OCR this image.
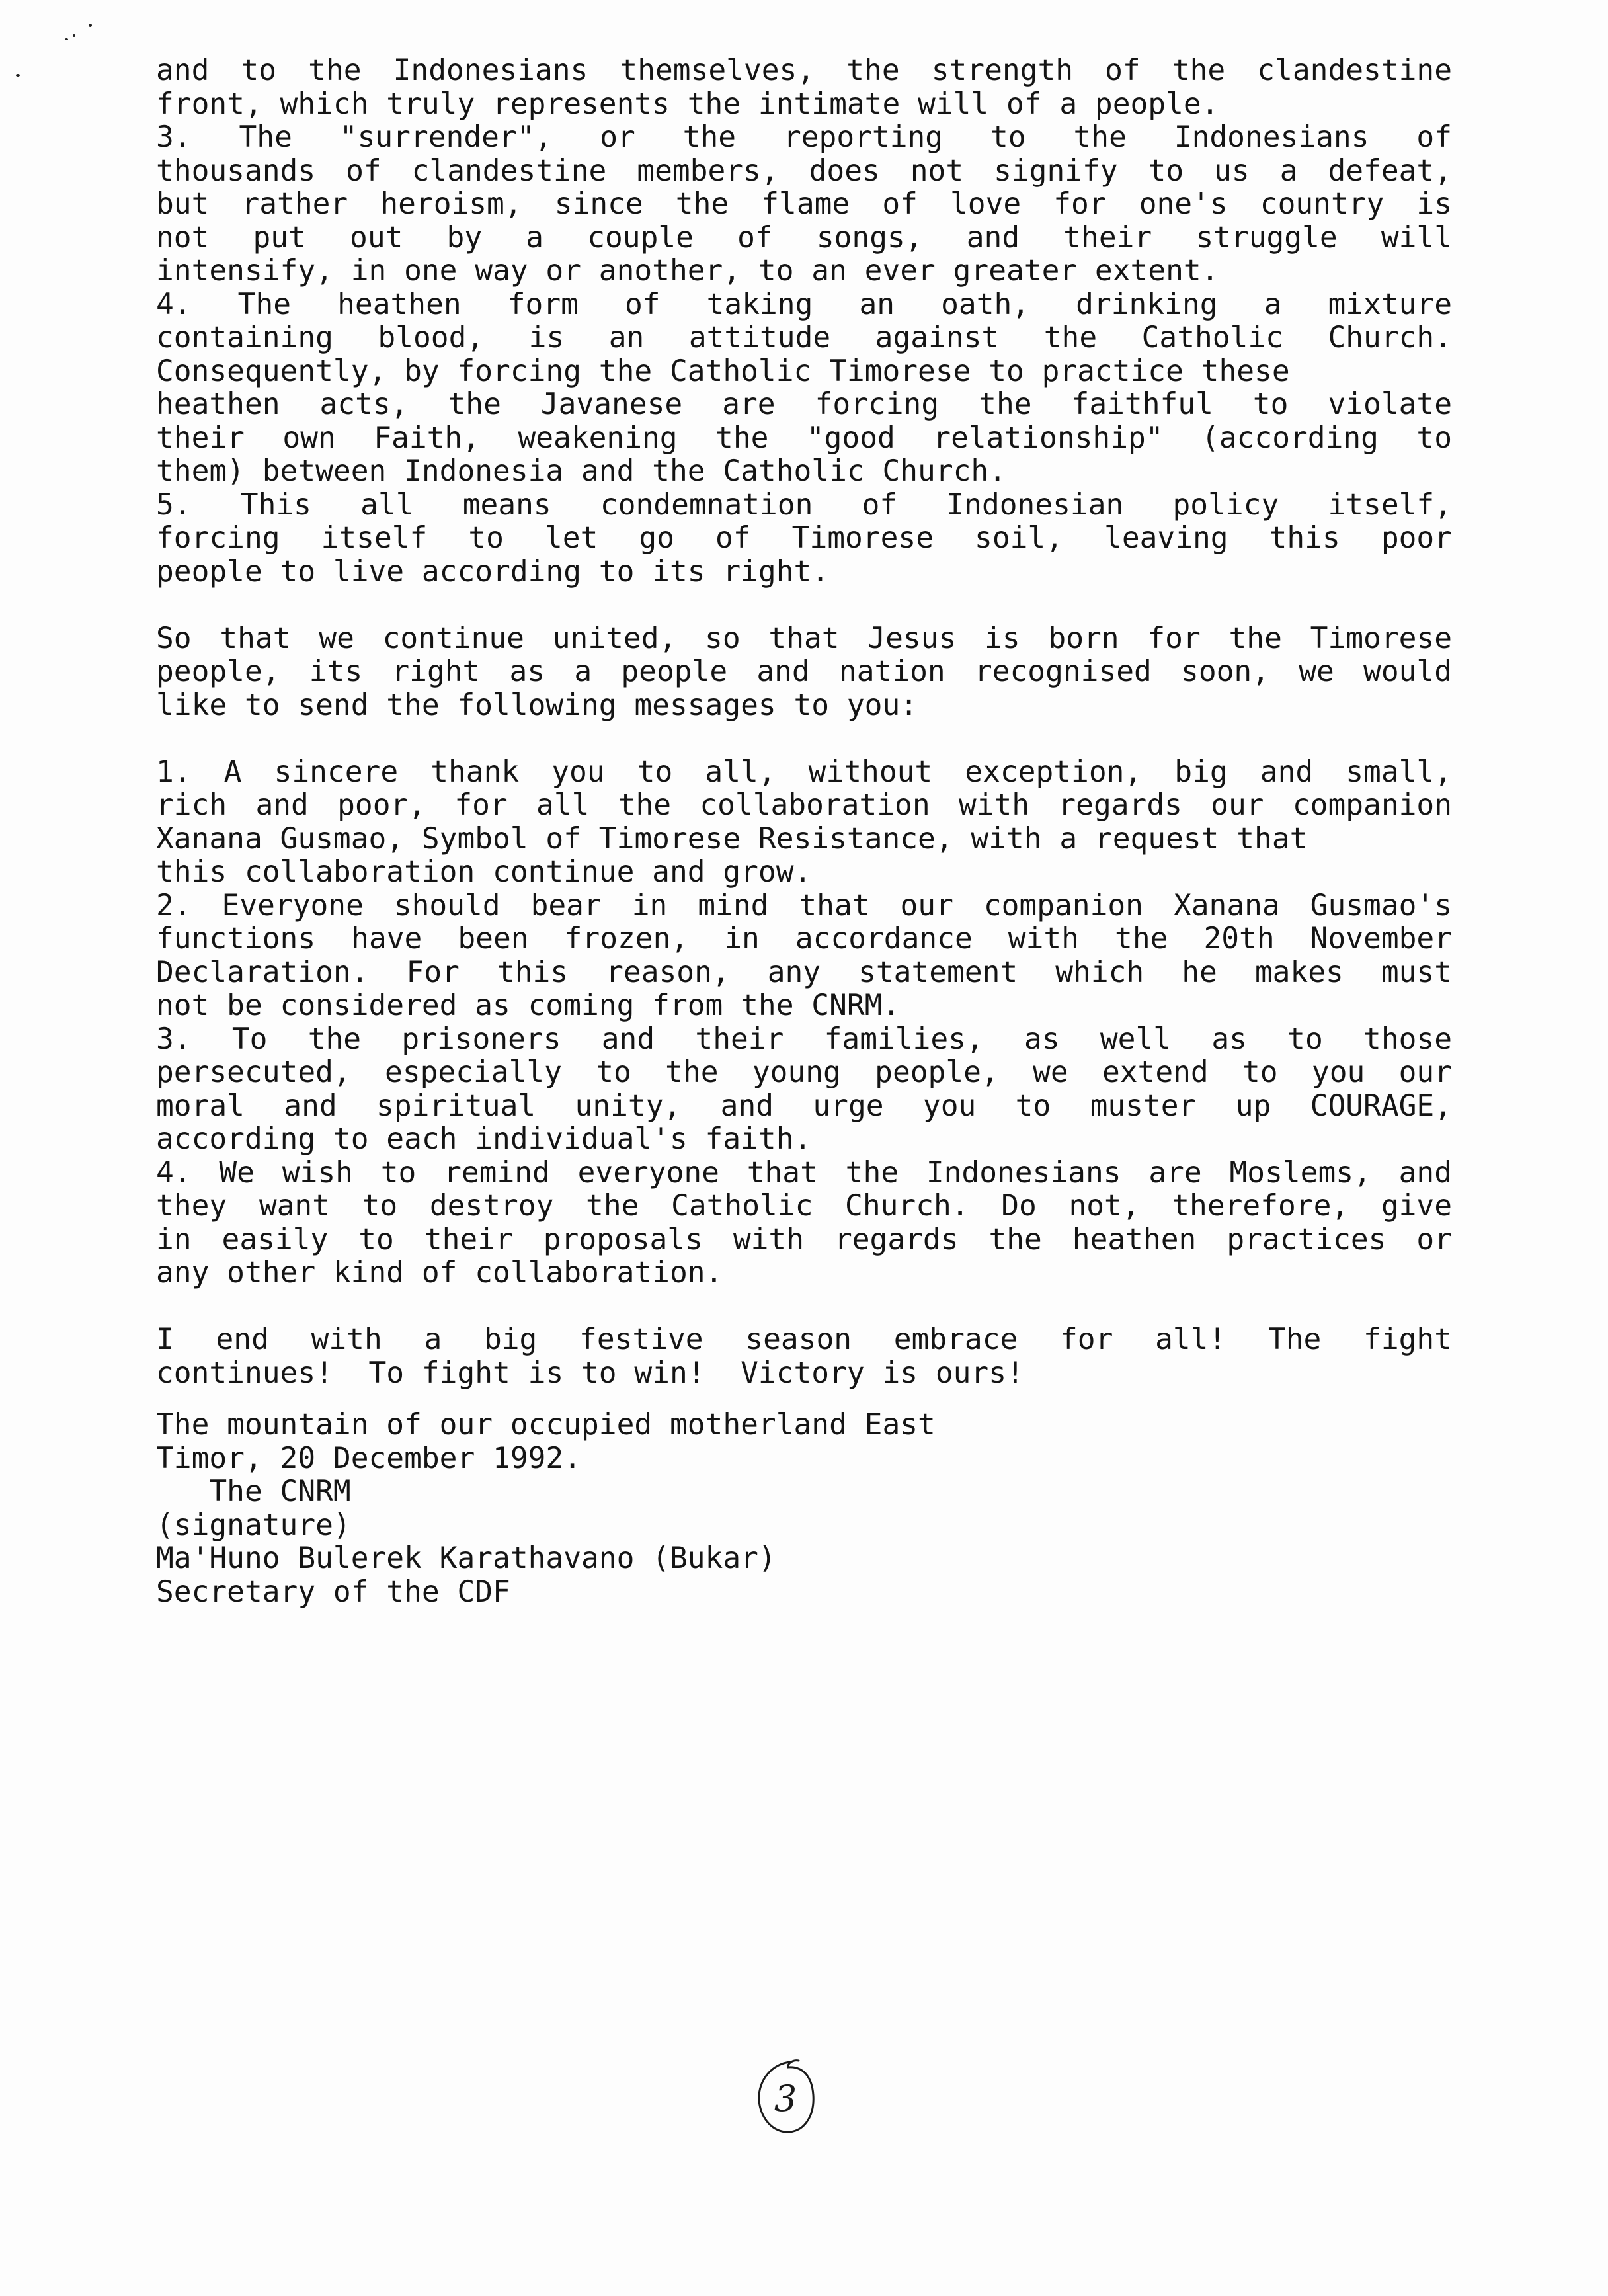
and to the Indonesians themselves, the strength of the clandestine
front, which truly represents the intimate will of a people.
3. The "surrender", or the reporting to the Indonesians of
thousands of clandestine members, does not signify to us a defeat,
but rather heroism, since the flame of love for one's country is
not put out by a couple of songs, and their struggle will
intensify, in one way or another, to an ever greater extent.
4. The heathen form of taking an oath, drinking a mixture
containing blood, is an attitude against the Catholic Church.
Consequently, by forcing the Catholic Timorese to practice these
heathen acts, the Javanese are forcing the faithful to violate
their own Faith, weakening the "good relationship" (according to
them) between Indonesia and the Catholic Church.
5. This all means condemnation of Indonesian policy itself,
forcing itself to let go of Timorese soil, leaving this poor
people to live according to its right.
So that we continue united, so that Jesus is born for the Timorese
people, its right as a people and nation recognised soon, we would
like to send the following messages to you:
1. A sincere thank you to all, without exception, big and small,
rich and poor, for all the collaboration with regards our companion
Xanana Gusmao, Symbol of Timorese Resistance, with a request that
this collaboration continue and grow.
2. Everyone should bear in mind that our companion Xanana Gusmao's
functions have been frozen, in accordance with the 20th November
Declaration. For this reason, any statement which he makes must
not be considered as coming from the CNRM.
3. To the prisoners and their families, as well as to those
persecuted, especially to the young people, we extend to you our
moral and spiritual unity, and urge you to muster up COURAGE,
according to each individual's faith.
4. We wish to remind everyone that the Indonesians are Moslems, and
they want to destroy the Catholic Church. Do not, therefore, give
in easily to their proposals with regards the heathen practices or
any other kind of collaboration.
I end with a big festive season embrace for all! The fight
continues!  To fight is to win!  Victory is ours!
The mountain of our occupied motherland East
Timor, 20 December 1992.
The CNRM
(signature)
Ma'Huno Bulerek Karathavano (Bukar)
Secretary of the CDF
3
